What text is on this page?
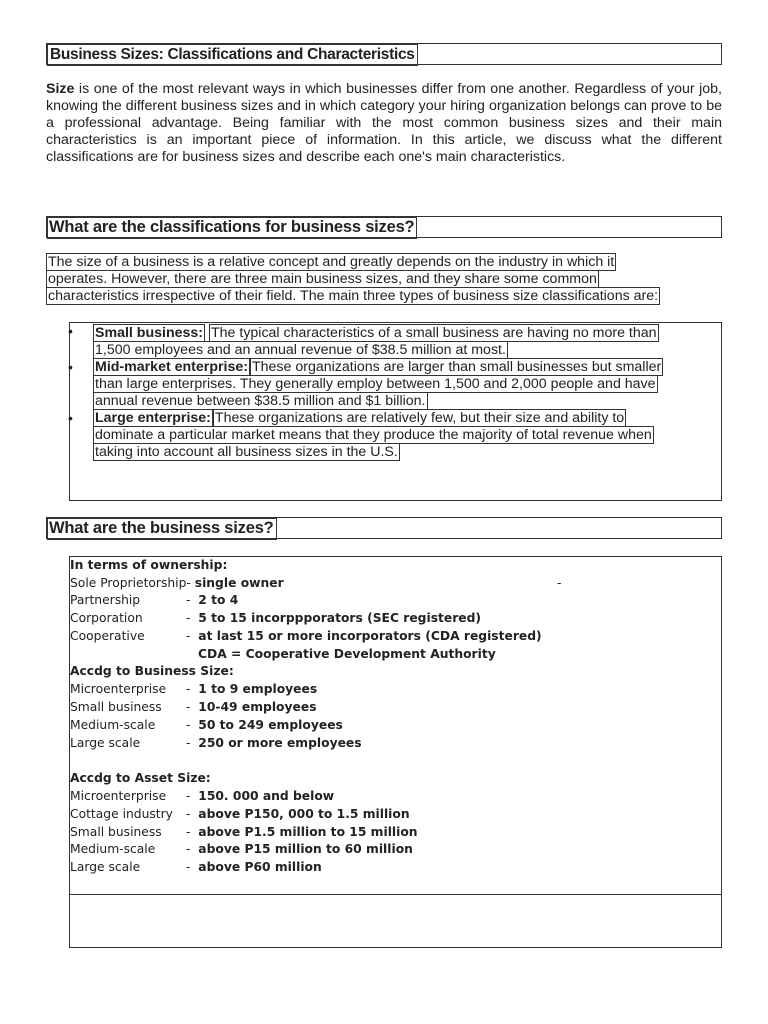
Business Sizes: Classifications and Characteristics

Size is one of the most relevant ways in which businesses differ from one another. Regardless of your job, knowing the different business sizes and in which category your hiring organization belongs can prove to be a professional advantage. Being familiar with the most common business sizes and their main characteristics is an important piece of information. In this article, we discuss what the different classifications are for business sizes and describe each one's main characteristics.

What are the classifications for business sizes?
The size of a business is a relative concept and greatly depends on the industry in which it
operates. However, there are three main business sizes, and they share some common
characteristics irrespective of their field. The main three types of business size classifications are:
• Small business: The typical characteristics of a small business are having no more than
1,500 employees and an annual revenue of $38.5 million at most.
• Mid-market enterprise: These organizations are larger than small businesses but smaller
than large enterprises. They generally employ between 1,500 and 2,000 people and have
annual revenue between $38.5 million and $1 billion.
• Large enterprise: These organizations are relatively few, but their size and ability to
dominate a particular market means that they produce the majority of total revenue when
taking into account all business sizes in the U.S.
What are the business sizes?
In terms of ownership:
Sole Proprietorship- single owner	-
Partnership	- 2 to 4
Corporation	- 5 to 15 incorppporators (SEC registered)
Cooperative	- at last 15 or more incorporators (CDA registered)
CDA = Cooperative Development Authority
Accdg to Business Size:
Microenterprise - 1 to 9 employees
Small business - 10-49 employees
Medium-scale - 50 to 249 employees
Large scale	- 250 or more employees
Accdg to Asset Size:
Microenterprise - 150. 000 and below
Cottage industry - above P150, 000 to 1.5 million
Small business - above P1.5 million to 15 million
Medium-scale - above P15 million to 60 million
Large scale	- above P60 million
